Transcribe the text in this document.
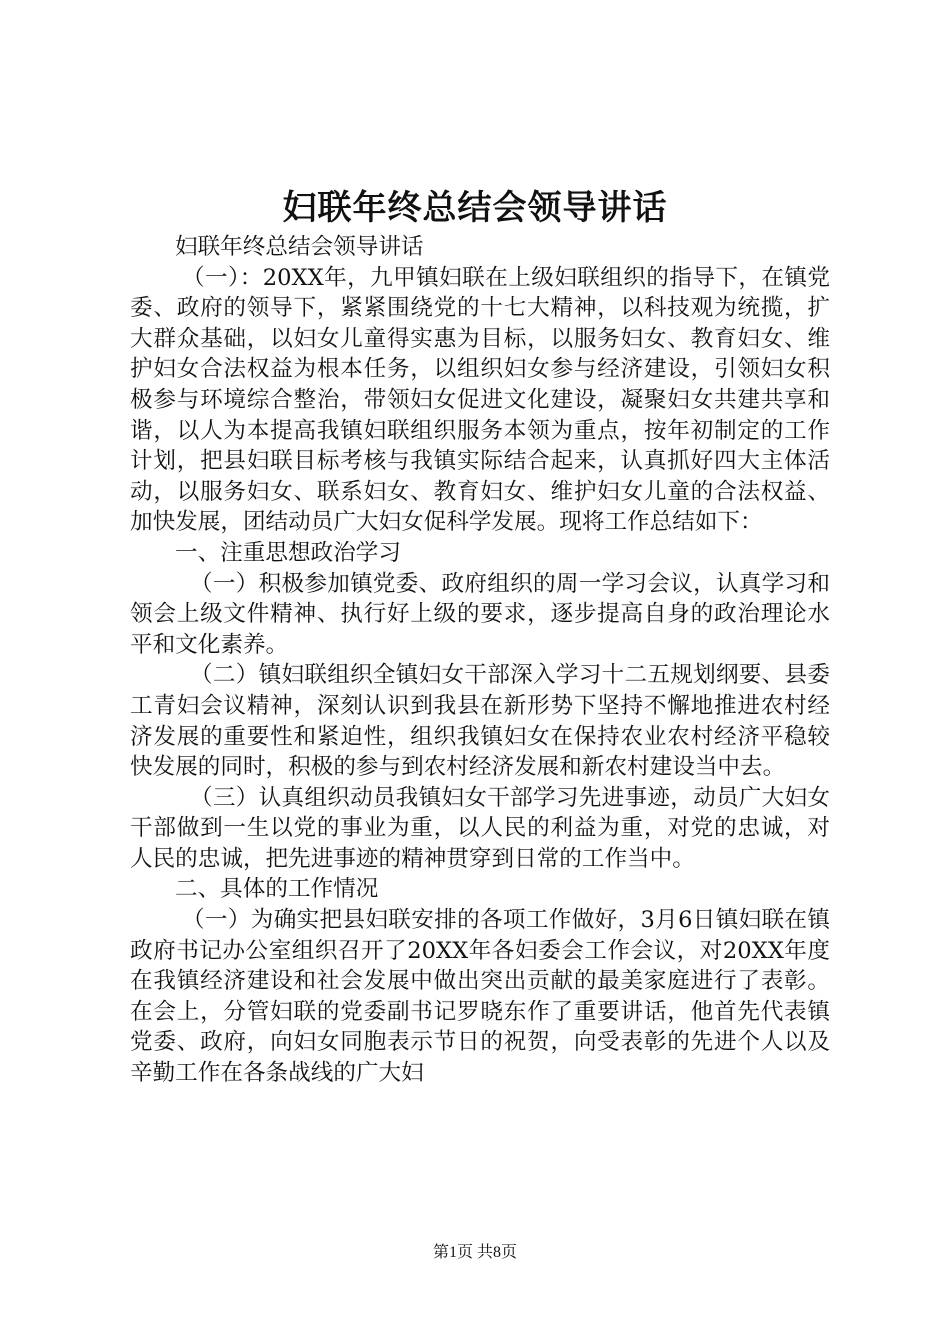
妇联年终总结会领导讲话

妇联年终总结会领导讲话

（一）：20XX年，九甲镇妇联在上级妇联组织的指导下，在镇党委、政府的领导下，紧紧围绕党的十七大精神，以科技观为统揽，扩大群众基础，以妇女儿童得实惠为目标，以服务妇女、教育妇女、维护妇女合法权益为根本任务，以组织妇女参与经济建设，引领妇女积极参与环境综合整治，带领妇女促进文化建设，凝聚妇女共建共享和谐，以人为本提高我镇妇联组织服务本领为重点，按年初制定的工作计划，把县妇联目标考核与我镇实际结合起来，认真抓好四大主体活动，以服务妇女、联系妇女、教育妇女、维护妇女儿童的合法权益、加快发展，团结动员广大妇女促科学发展。现将工作总结如下：

一、注重思想政治学习

（一）积极参加镇党委、政府组织的周一学习会议，认真学习和领会上级文件精神、执行好上级的要求，逐步提高自身的政治理论水平和文化素养。

（二）镇妇联组织全镇妇女干部深入学习十二五规划纲要、县委工青妇会议精神，深刻认识到我县在新形势下坚持不懈地推进农村经济发展的重要性和紧迫性，组织我镇妇女在保持农业农村经济平稳较快发展的同时，积极的参与到农村经济发展和新农村建设当中去。

（三）认真组织动员我镇妇女干部学习先进事迹，动员广大妇女干部做到一生以党的事业为重，以人民的利益为重，对党的忠诚，对人民的忠诚，把先进事迹的精神贯穿到日常的工作当中。

二、具体的工作情况

（一）为确实把县妇联安排的各项工作做好，3月6日镇妇联在镇政府书记办公室组织召开了20XX年各妇委会工作会议，对20XX年度在我镇经济建设和社会发展中做出突出贡献的最美家庭进行了表彰。在会上，分管妇联的党委副书记罗晓东作了重要讲话，他首先代表镇党委、政府，向妇女同胞表示节日的祝贺，向受表彰的先进个人以及辛勤工作在各条战线的广大妇

第1页 共8页
